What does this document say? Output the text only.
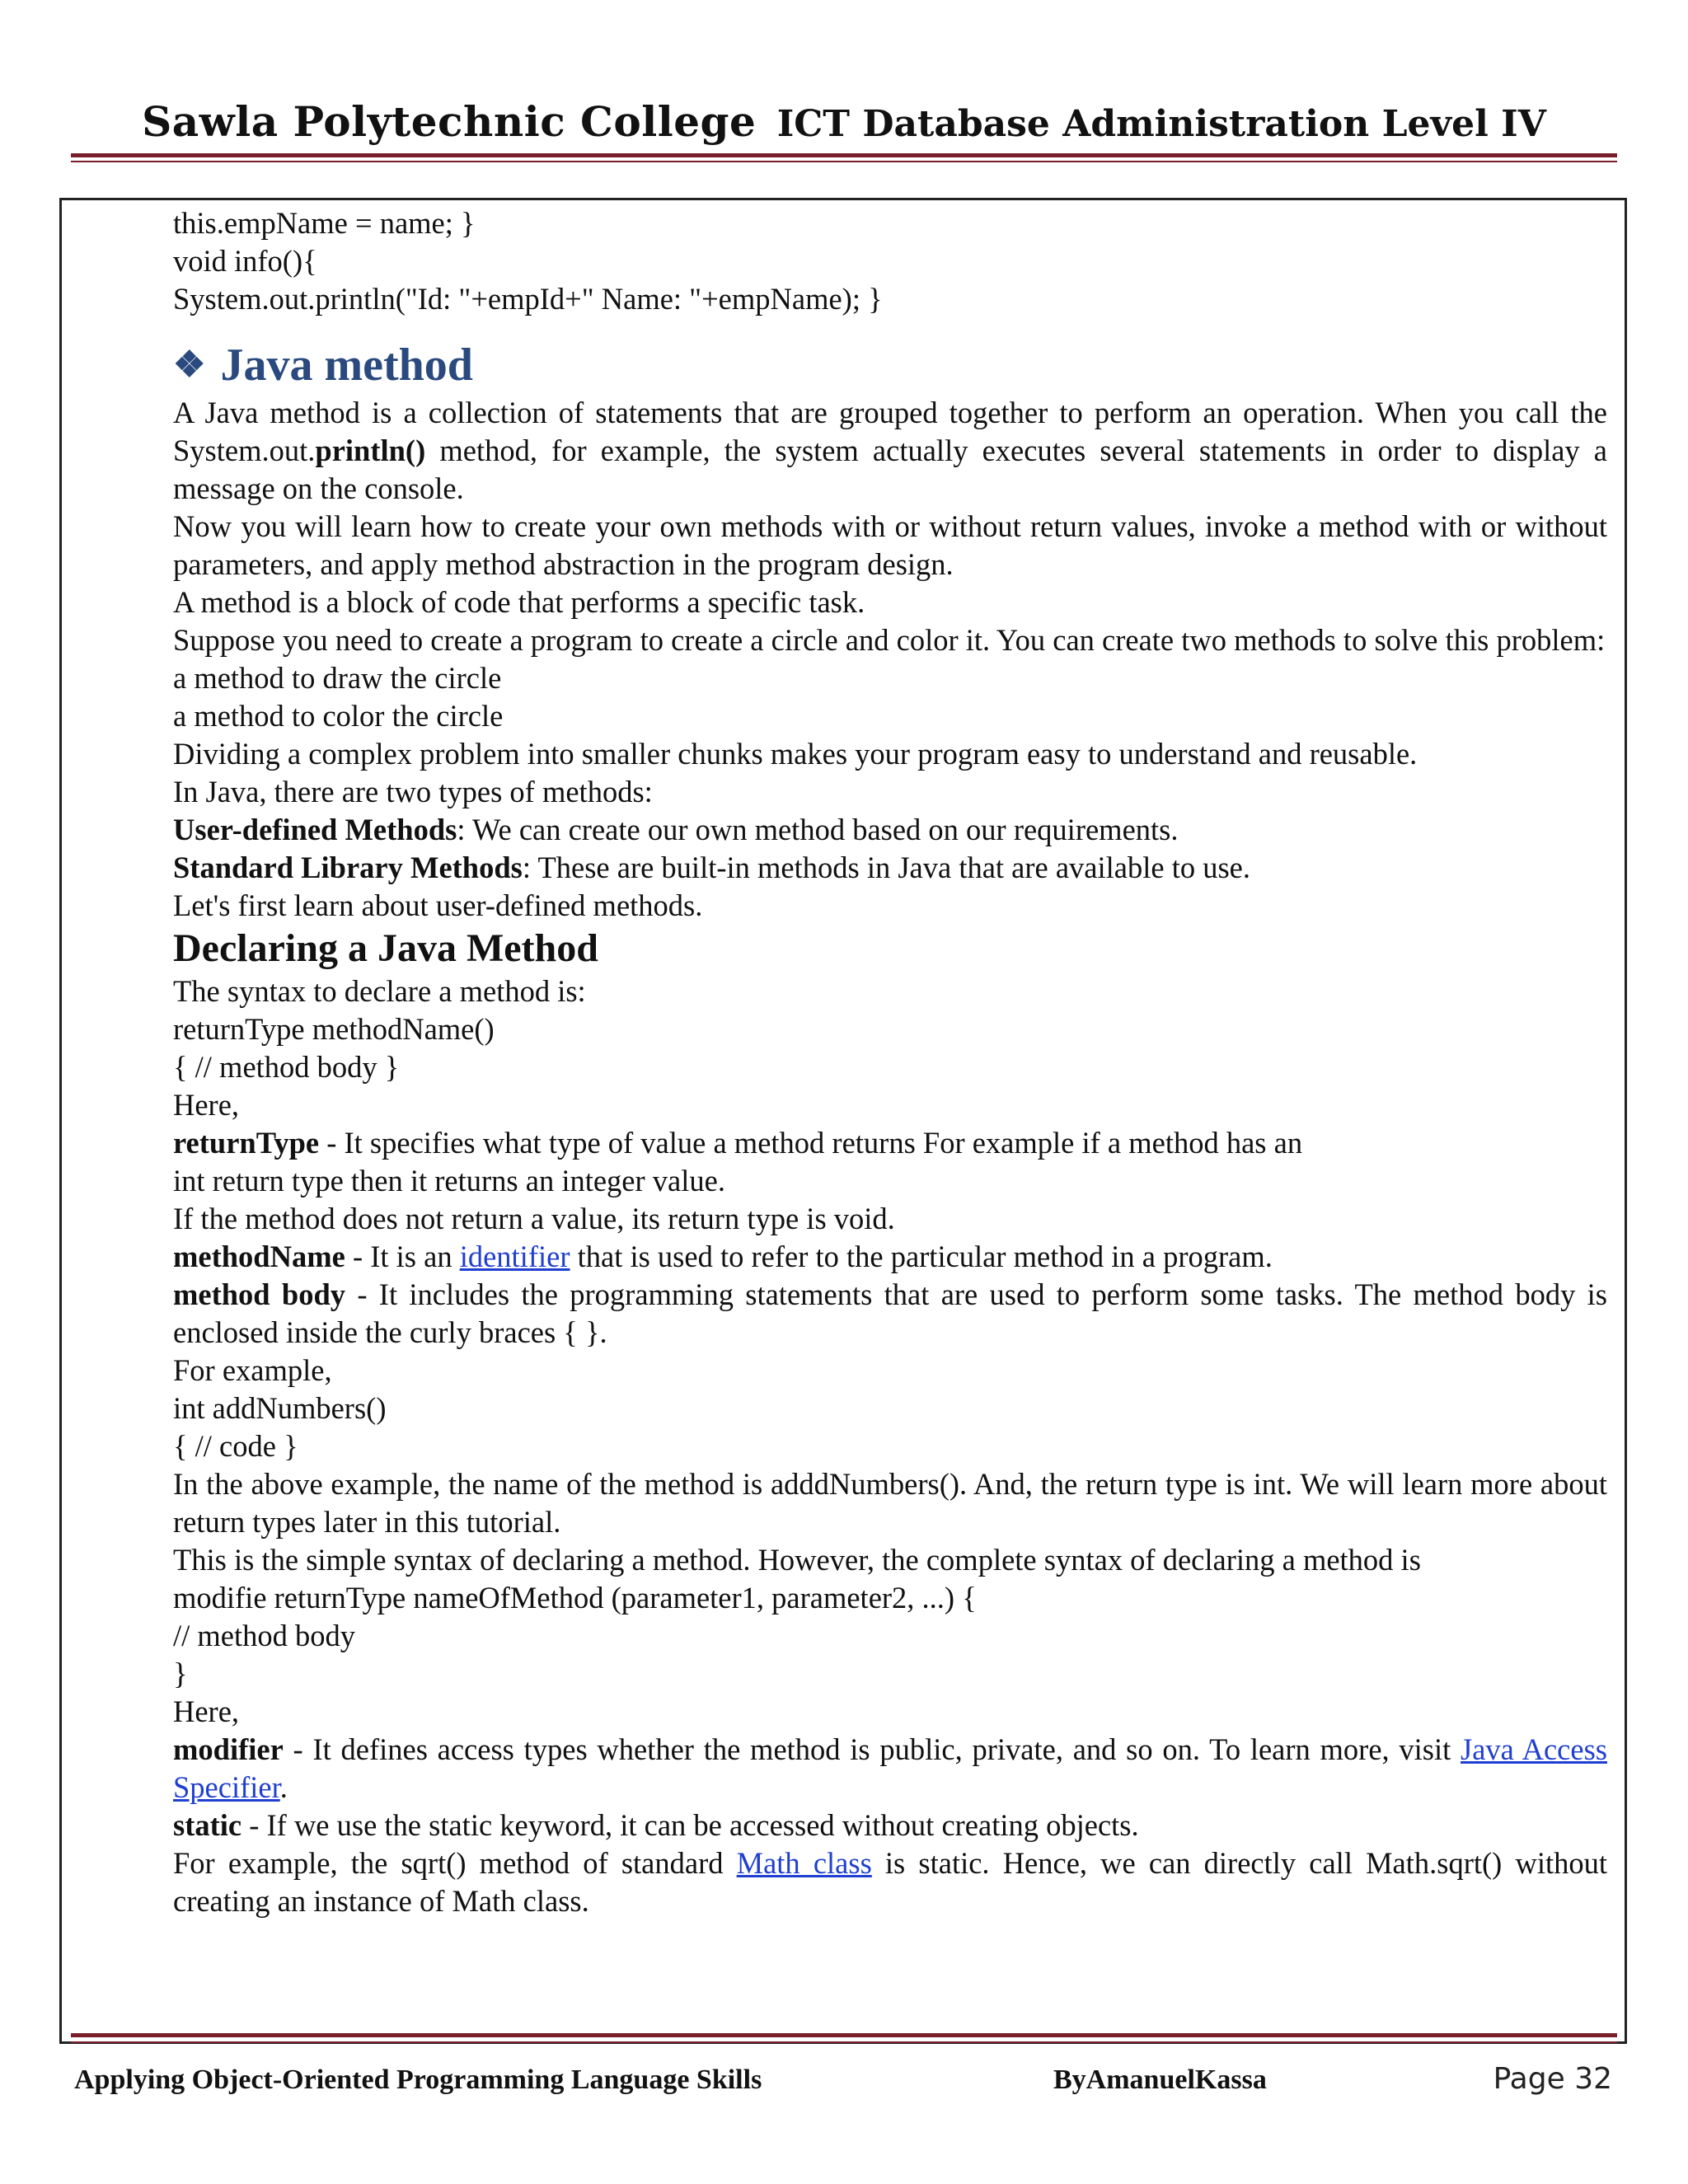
Sawla Polytechnic College ICT Database Administration Level IV

this.empName = name; }

void info(){

System.out.println("Id: "+empId+" Name: "+empName); }

❖ Java method

A Java method is a collection of statements that are grouped together to perform an operation. When you call the System.out.println() method, for example, the system actually executes several statements in order to display a message on the console.

Now you will learn how to create your own methods with or without return values, invoke a method with or without parameters, and apply method abstraction in the program design.

A method is a block of code that performs a specific task.

Suppose you need to create a program to create a circle and color it. You can create two methods to solve this problem:

a method to draw the circle

a method to color the circle

Dividing a complex problem into smaller chunks makes your program easy to understand and reusable.

In Java, there are two types of methods:

User-defined Methods: We can create our own method based on our requirements.

Standard Library Methods: These are built-in methods in Java that are available to use.

Let's first learn about user-defined methods.

Declaring a Java Method

The syntax to declare a method is:

returnType methodName()

{ // method body }

Here,

returnType - It specifies what type of value a method returns For example if a method has an

int return type then it returns an integer value.

If the method does not return a value, its return type is void.

methodName - It is an identifier that is used to refer to the particular method in a program.

method body - It includes the programming statements that are used to perform some tasks. The method body is enclosed inside the curly braces { }.

For example,

int addNumbers()

{ // code }

In the above example, the name of the method is adddNumbers(). And, the return type is int. We will learn more about return types later in this tutorial.

This is the simple syntax of declaring a method. However, the complete syntax of declaring a method is

modifie returnType nameOfMethod (parameter1, parameter2, ...) {

// method body

}

Here,

modifier - It defines access types whether the method is public, private, and so on. To learn more, visit Java Access Specifier.

static - If we use the static keyword, it can be accessed without creating objects.

For example, the sqrt() method of standard Math class is static. Hence, we can directly call Math.sqrt() without creating an instance of Math class.

Applying Object-Oriented Programming Language Skills	ByAmanuelKassa	Page 32
